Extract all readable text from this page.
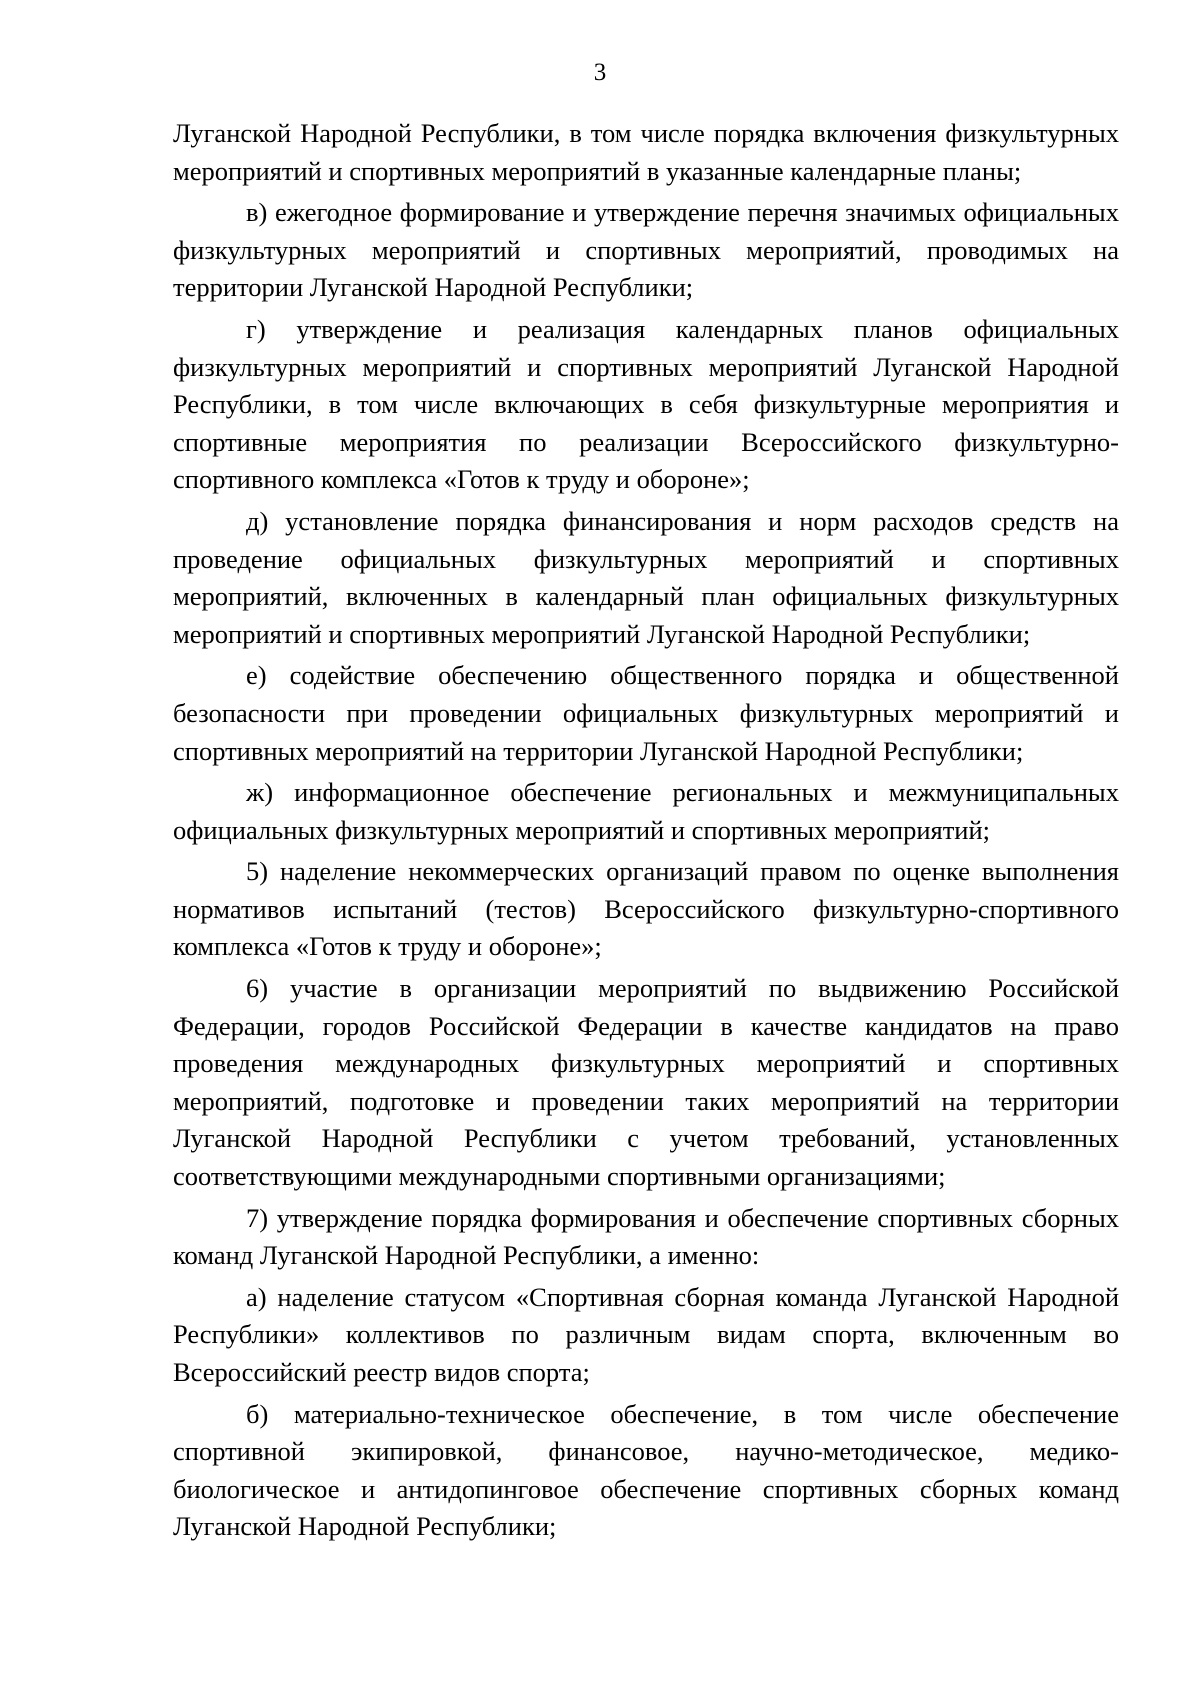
3

Луганской Народной Республики, в том числе порядка включения физкультурных мероприятий и спортивных мероприятий в указанные календарные планы;

в) ежегодное формирование и утверждение перечня значимых официальных физкультурных мероприятий и спортивных мероприятий, проводимых на территории Луганской Народной Республики;

г) утверждение и реализация календарных планов официальных физкультурных мероприятий и спортивных мероприятий Луганской Народной Республики, в том числе включающих в себя физкультурные мероприятия и спортивные мероприятия по реализации Всероссийского физкультурно-спортивного комплекса «Готов к труду и обороне»;

д) установление порядка финансирования и норм расходов средств на проведение официальных физкультурных мероприятий и спортивных мероприятий, включенных в календарный план официальных физкультурных мероприятий и спортивных мероприятий Луганской Народной Республики;

е) содействие обеспечению общественного порядка и общественной безопасности при проведении официальных физкультурных мероприятий и спортивных мероприятий на территории Луганской Народной Республики;

ж) информационное обеспечение региональных и межмуниципальных официальных физкультурных мероприятий и спортивных мероприятий;

5) наделение некоммерческих организаций правом по оценке выполнения нормативов испытаний (тестов) Всероссийского физкультурно-спортивного комплекса «Готов к труду и обороне»;

6) участие в организации мероприятий по выдвижению Российской Федерации, городов Российской Федерации в качестве кандидатов на право проведения международных физкультурных мероприятий и спортивных мероприятий, подготовке и проведении таких мероприятий на территории Луганской Народной Республики с учетом требований, установленных соответствующими международными спортивными организациями;

7) утверждение порядка формирования и обеспечение спортивных сборных команд Луганской Народной Республики, а именно:

а) наделение статусом «Спортивная сборная команда Луганской Народной Республики» коллективов по различным видам спорта, включенным во Всероссийский реестр видов спорта;

б) материально-техническое обеспечение, в том числе обеспечение спортивной экипировкой, финансовое, научно-методическое, медико-биологическое и антидопинговое обеспечение спортивных сборных команд Луганской Народной Республики;
